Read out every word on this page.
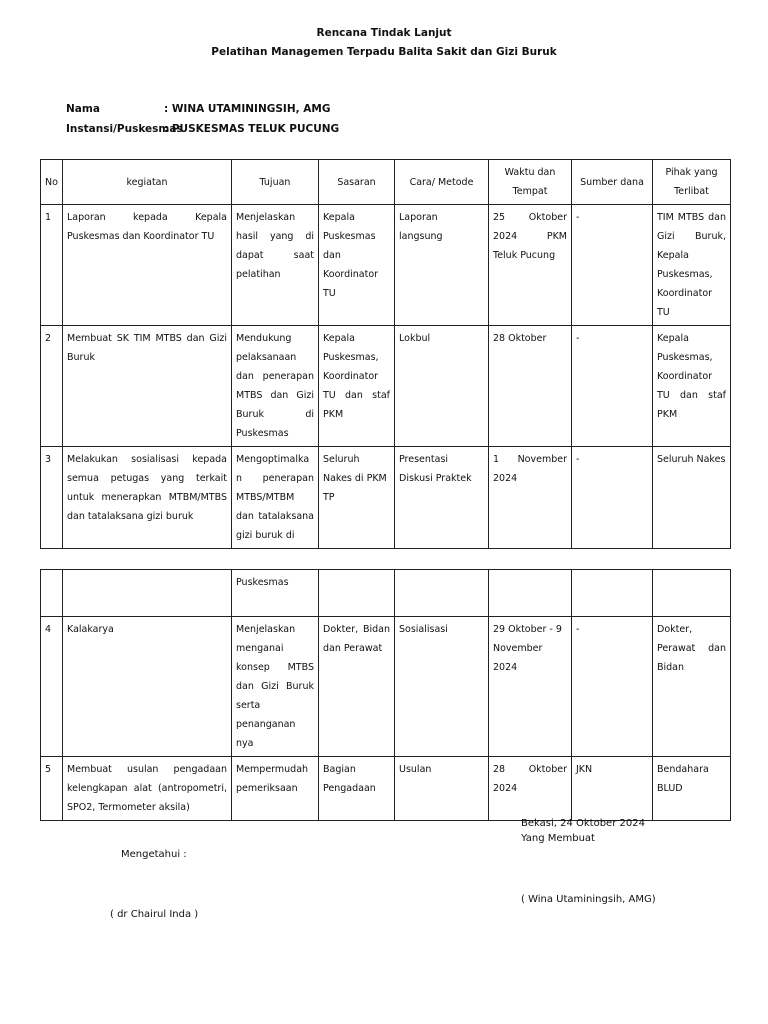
Rencana Tindak Lanjut
Pelatihan Managemen Terpadu Balita Sakit dan Gizi Buruk
Nama	: WINA UTAMININGSIH, AMG
Instansi/Puskesmas: PUSKESMAS TELUK PUCUNG
No	kegiatan	Tujuan	Sasaran	Cara/ Metode	Waktu dan Tempat	Sumber dana	Pihak yang Terlibat
1	Laporan kepada Kepala Puskesmas dan Koordinator TU	Menjelaskan hasil yang di dapat saat pelatihan	Kepala Puskesmas dan Koordinator TU	Laporan langsung	25 Oktober 2024 PKM Teluk Pucung	-	TIM MTBS dan Gizi Buruk, Kepala Puskesmas, Koordinator TU
2	Membuat SK TIM MTBS dan Gizi Buruk	Mendukung pelaksanaan dan penerapan MTBS dan Gizi Buruk di Puskesmas	Kepala Puskesmas, Koordinator TU dan staf PKM	Lokbul	28 Oktober	-	Kepala Puskesmas, Koordinator TU dan staf PKM
3	Melakukan sosialisasi kepada semua petugas yang terkait untuk menerapkan MTBM/MTBS dan tatalaksana gizi buruk	Mengoptimalkan penerapan MTBS/MTBM dan tatalaksana gizi buruk di	Seluruh Nakes di PKM TP	Presentasi Diskusi Praktek	1 November 2024	-	Seluruh Nakes
		Puskesmas					
4	Kalakarya	Menjelaskan menganai konsep MTBS dan Gizi Buruk serta penanganan nya	Dokter, Bidan dan Perawat	Sosialisasi	29 Oktober - 9 November 2024	-	Dokter, Perawat dan Bidan
5	Membuat usulan pengadaan kelengkapan alat (antropometri, SPO2, Termometer aksila)	Mempermudah pemeriksaan	Bagian Pengadaan	Usulan	28 Oktober 2024	JKN	Bendahara BLUD
Bekasi, 24 Oktober 2024
Yang Membuat
Mengetahui :
( Wina Utaminingsih, AMG)
( dr Chairul Inda )
